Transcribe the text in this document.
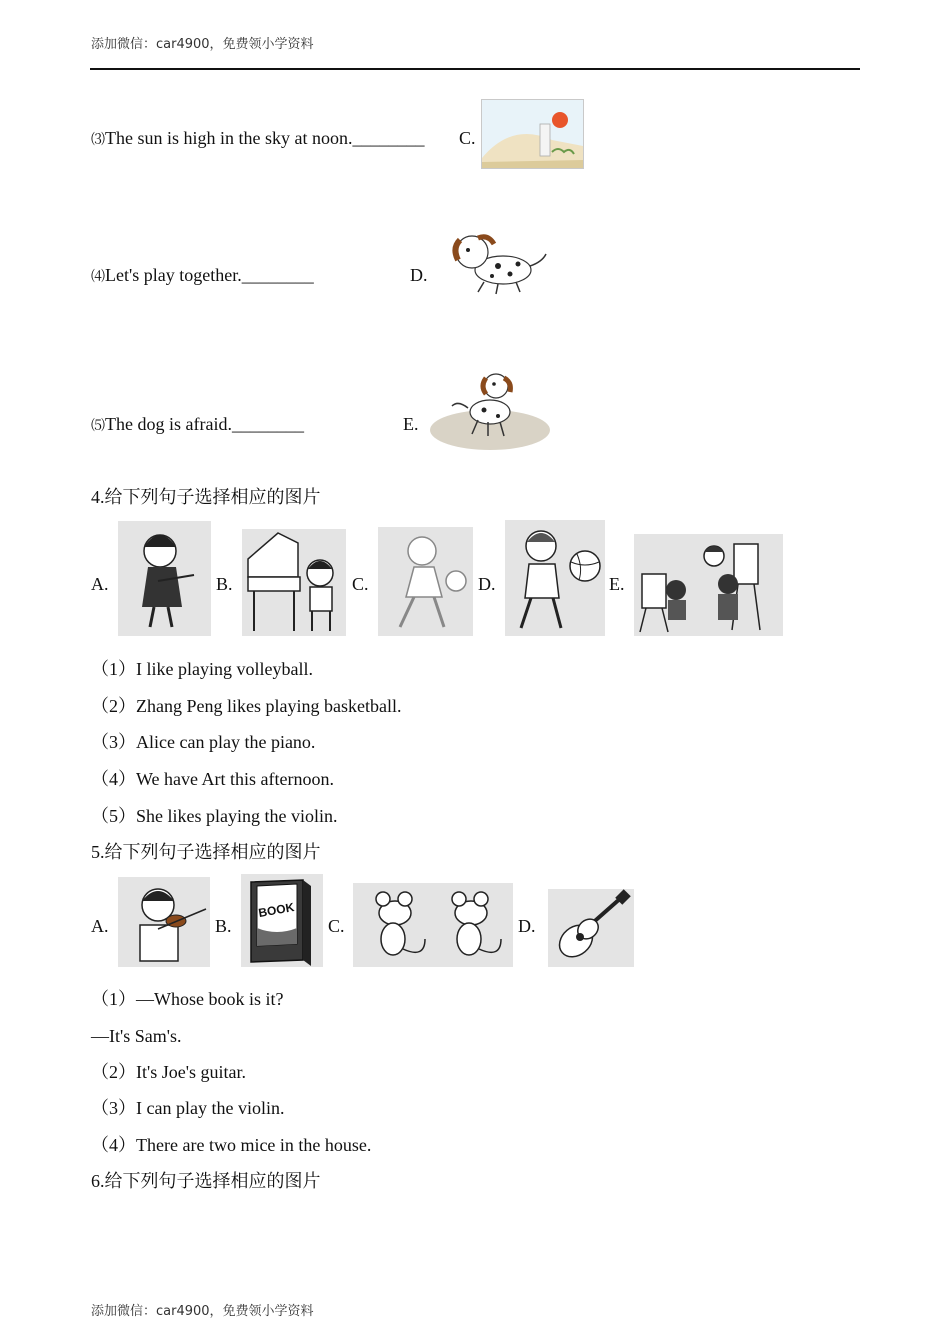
添加微信：car4900，免费领小学资料
⑶The sun is high in the sky at noon.________ C.
⑷Let's play together.________	D.
⑸The dog is afraid.________	E.
4.给下列句子选择相应的图片
A.	B.	C.	D.	E.
（1）I like playing volleyball.
（2）Zhang Peng likes playing basketball.
（3）Alice can play the piano.
（4）We have Art this afternoon.
（5）She likes playing the violin.
5.给下列句子选择相应的图片
A.	B.
BOOK
C.	D.
（1）—Whose book is it?
—It's Sam's.
（2）It's Joe's guitar.
（3）I can play the violin.
（4）There are two mice in the house.
6.给下列句子选择相应的图片
添加微信：car4900，免费领小学资料
